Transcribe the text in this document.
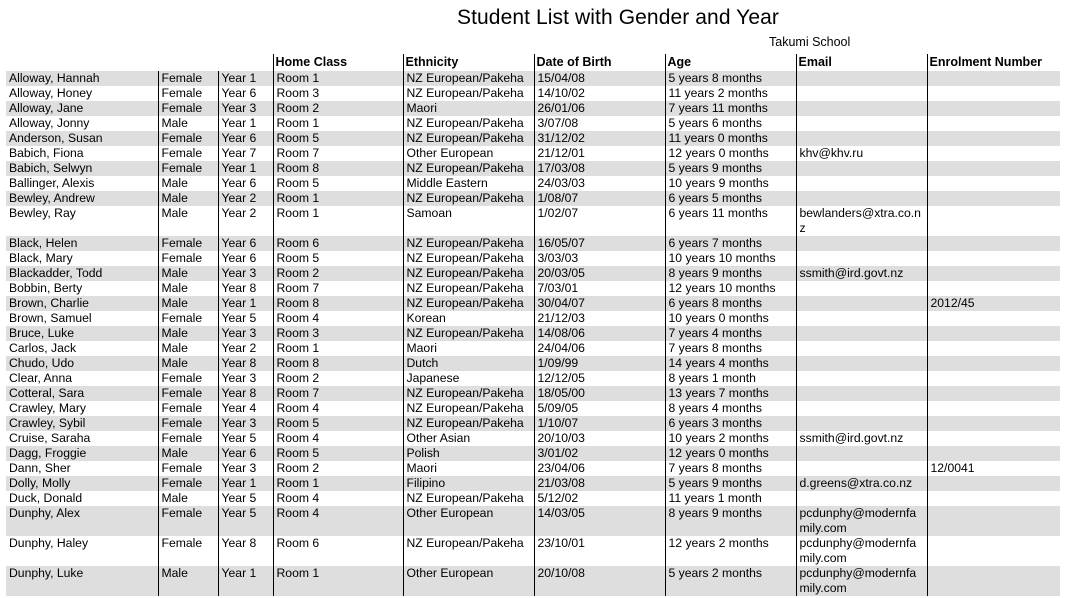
Student List with Gender and Year
Takumi School
			Home Class	Ethnicity	Date of Birth	Age	Email	Enrolment Number
Alloway, Hannah	Female	Year 1	Room 1	NZ European/Pakeha	15/04/08	5 years 8 months		
Alloway, Honey	Female	Year 6	Room 3	NZ European/Pakeha	14/10/02	11 years 2 months		
Alloway, Jane	Female	Year 3	Room 2	Maori	26/01/06	7 years 11 months		
Alloway, Jonny	Male	Year 1	Room 1	NZ European/Pakeha	3/07/08	5 years 6 months		
Anderson, Susan	Female	Year 6	Room 5	NZ European/Pakeha	31/12/02	11 years 0 months		
Babich, Fiona	Female	Year 7	Room 7	Other European	21/12/01	12 years 0 months	khv@khv.ru	
Babich, Selwyn	Female	Year 1	Room 8	NZ European/Pakeha	17/03/08	5 years 9 months		
Ballinger, Alexis	Male	Year 6	Room 5	Middle Eastern	24/03/03	10 years 9 months		
Bewley, Andrew	Male	Year 2	Room 1	NZ European/Pakeha	1/08/07	6 years 5 months		
Bewley, Ray	Male	Year 2	Room 1	Samoan	1/02/07	6 years 11 months	bewlanders@xtra.co.nz	
Black, Helen	Female	Year 6	Room 6	NZ European/Pakeha	16/05/07	6 years 7 months		
Black, Mary	Female	Year 6	Room 5	NZ European/Pakeha	3/03/03	10 years 10 months		
Blackadder, Todd	Male	Year 3	Room 2	NZ European/Pakeha	20/03/05	8 years 9 months	ssmith@ird.govt.nz	
Bobbin, Berty	Male	Year 8	Room 7	NZ European/Pakeha	7/03/01	12 years 10 months		
Brown, Charlie	Male	Year 1	Room 8	NZ European/Pakeha	30/04/07	6 years 8 months		2012/45
Brown, Samuel	Female	Year 5	Room 4	Korean	21/12/03	10 years 0 months		
Bruce, Luke	Male	Year 3	Room 3	NZ European/Pakeha	14/08/06	7 years 4 months		
Carlos, Jack	Male	Year 2	Room 1	Maori	24/04/06	7 years 8 months		
Chudo, Udo	Male	Year 8	Room 8	Dutch	1/09/99	14 years 4 months		
Clear, Anna	Female	Year 3	Room 2	Japanese	12/12/05	8 years 1 month		
Cotteral, Sara	Female	Year 8	Room 7	NZ European/Pakeha	18/05/00	13 years 7 months		
Crawley, Mary	Female	Year 4	Room 4	NZ European/Pakeha	5/09/05	8 years 4 months		
Crawley, Sybil	Female	Year 3	Room 5	NZ European/Pakeha	1/10/07	6 years 3 months		
Cruise, Saraha	Female	Year 5	Room 4	Other Asian	20/10/03	10 years 2 months	ssmith@ird.govt.nz	
Dagg, Froggie	Male	Year 6	Room 5	Polish	3/01/02	12 years 0 months		
Dann, Sher	Female	Year 3	Room 2	Maori	23/04/06	7 years 8 months		12/0041
Dolly, Molly	Female	Year 1	Room 1	Filipino	21/03/08	5 years 9 months	d.greens@xtra.co.nz	
Duck, Donald	Male	Year 5	Room 4	NZ European/Pakeha	5/12/02	11 years 1 month		
Dunphy, Alex	Female	Year 5	Room 4	Other European	14/03/05	8 years 9 months	pcdunphy@modernfamily.com	
Dunphy, Haley	Female	Year 8	Room 6	NZ European/Pakeha	23/10/01	12 years 2 months	pcdunphy@modernfamily.com	
Dunphy, Luke	Male	Year 1	Room 1	Other European	20/10/08	5 years 2 months	pcdunphy@modernfamily.com	
